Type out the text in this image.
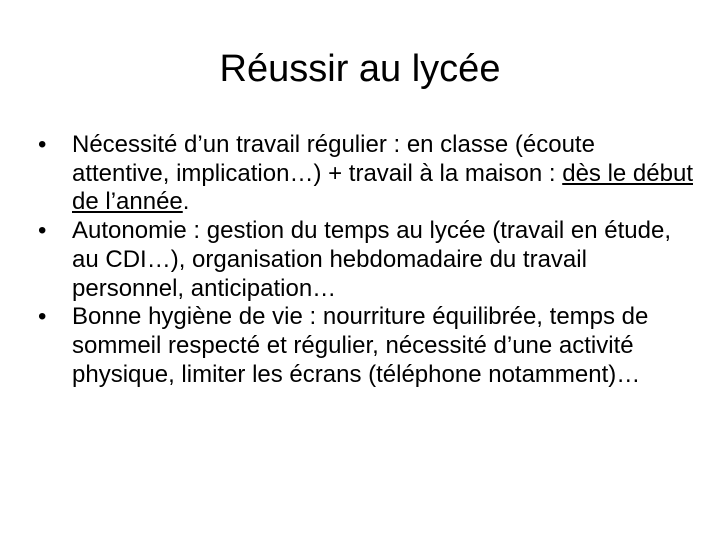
Réussir au lycée
•	Nécessité d’un travail régulier : en classe (écoute attentive, implication…) + travail à la maison : dès le début de l’année.
•	Autonomie : gestion du temps au lycée (travail en étude, au CDI…), organisation hebdomadaire du travail personnel, anticipation…
•	Bonne hygiène de vie : nourriture équilibrée, temps de sommeil respecté et régulier, nécessité d’une activité physique, limiter les écrans (téléphone notamment)…
